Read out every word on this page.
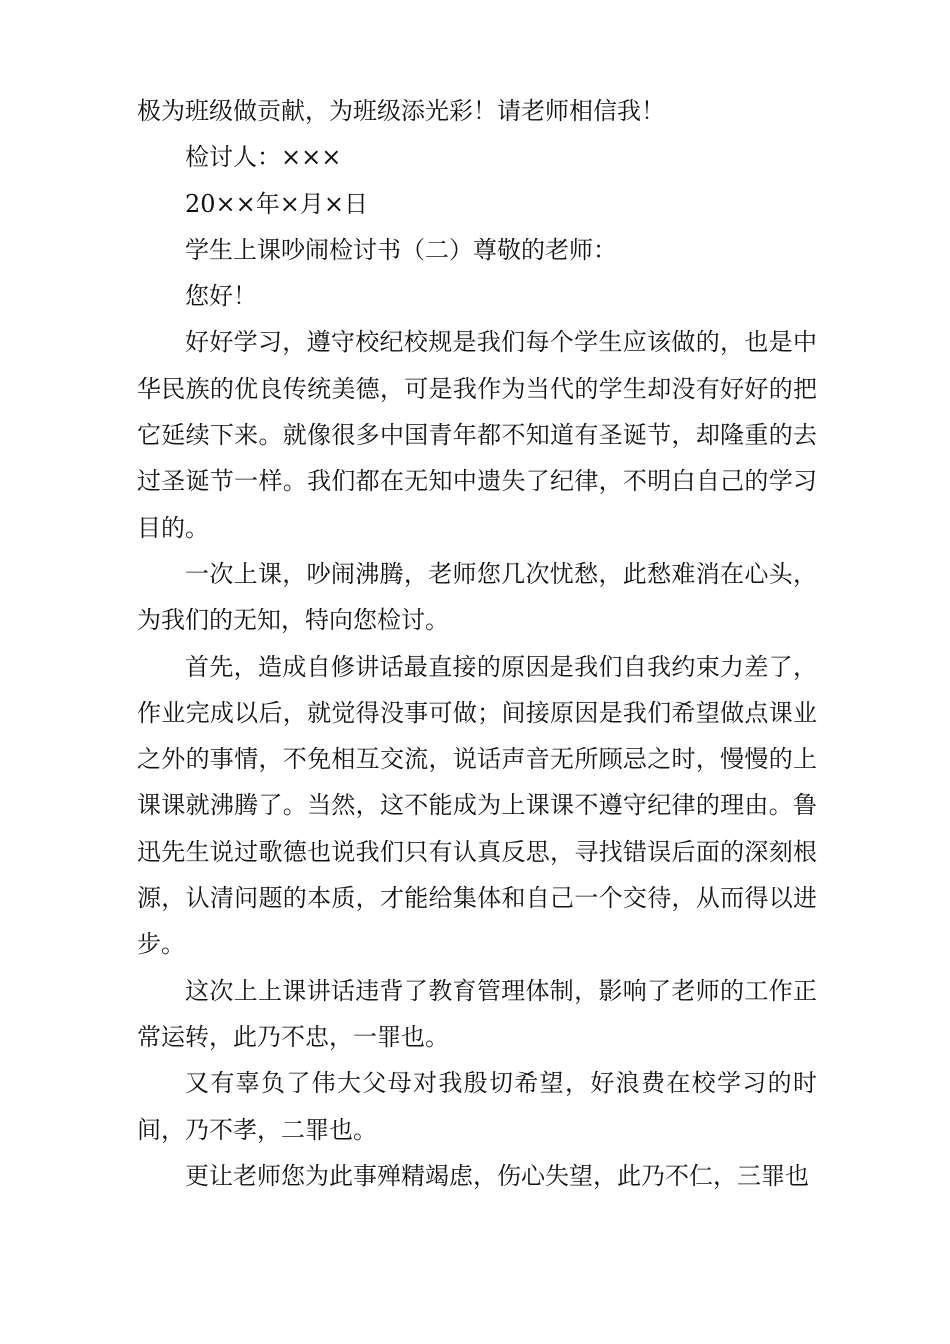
极为班级做贡献，为班级添光彩！请老师相信我！

检讨人：×××

20××年×月×日

学生上课吵闹检讨书（二）尊敬的老师：

您好！

好好学习，遵守校纪校规是我们每个学生应该做的，也是中华民族的优良传统美德，可是我作为当代的学生却没有好好的把它延续下来。就像很多中国青年都不知道有圣诞节，却隆重的去过圣诞节一样。我们都在无知中遗失了纪律，不明白自己的学习目的。

一次上课，吵闹沸腾，老师您几次忧愁，此愁难消在心头，为我们的无知，特向您检讨。

首先，造成自修讲话最直接的原因是我们自我约束力差了，作业完成以后，就觉得没事可做；间接原因是我们希望做点课业之外的事情，不免相互交流，说话声音无所顾忌之时，慢慢的上课课就沸腾了。当然，这不能成为上课课不遵守纪律的理由。鲁迅先生说过歌德也说我们只有认真反思，寻找错误后面的深刻根源，认清问题的本质，才能给集体和自己一个交待，从而得以进步。

这次上上课讲话违背了教育管理体制，影响了老师的工作正常运转，此乃不忠，一罪也。

又有辜负了伟大父母对我殷切希望，好浪费在校学习的时间，乃不孝，二罪也。

更让老师您为此事殚精竭虑，伤心失望，此乃不仁，三罪也
